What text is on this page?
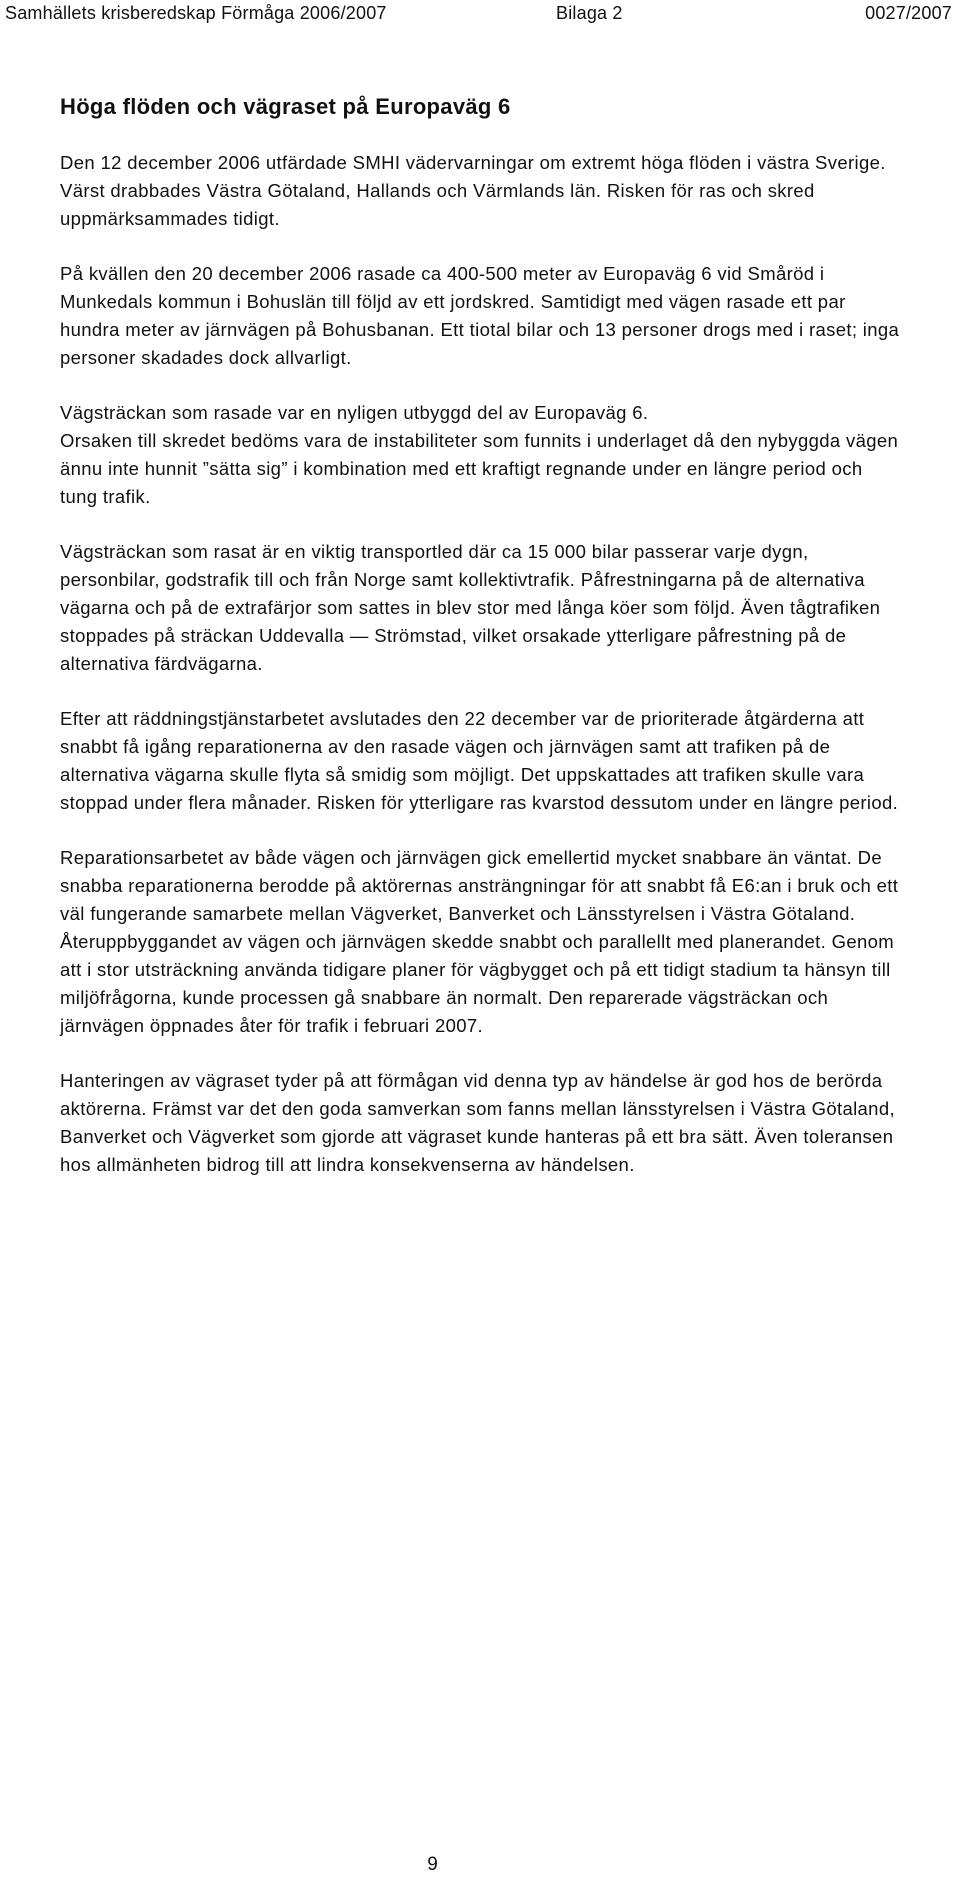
Samhällets krisberedskap Förmåga 2006/2007	Bilaga 2	0027/2007
Höga flöden och vägraset på Europaväg 6

Den 12 december 2006 utfärdade SMHI vädervarningar om extremt höga flöden i västra Sverige. Värst drabbades Västra Götaland, Hallands och Värmlands län. Risken för ras och skred uppmärksammades tidigt.

På kvällen den 20 december 2006 rasade ca 400-500 meter av Europaväg 6 vid Småröd i Munkedals kommun i Bohuslän till följd av ett jordskred. Samtidigt med vägen rasade ett par hundra meter av järnvägen på Bohusbanan. Ett tiotal bilar och 13 personer drogs med i raset; inga personer skadades dock allvarligt.

Vägsträckan som rasade var en nyligen utbyggd del av Europaväg 6.

Orsaken till skredet bedöms vara de instabiliteter som funnits i underlaget då den nybyggda vägen ännu inte hunnit ”sätta sig” i kombination med ett kraftigt regnande under en längre period och tung trafik.

Vägsträckan som rasat är en viktig transportled där ca 15 000 bilar passerar varje dygn, personbilar, godstrafik till och från Norge samt kollektivtrafik. Påfrestningarna på de alternativa vägarna och på de extrafärjor som sattes in blev stor med långa köer som följd. Även tågtrafiken stoppades på sträckan Uddevalla — Strömstad, vilket orsakade ytterligare påfrestning på de alternativa färdvägarna.

Efter att räddningstjänstarbetet avslutades den 22 december var de prioriterade åtgärderna att snabbt få igång reparationerna av den rasade vägen och järnvägen samt att trafiken på de alternativa vägarna skulle flyta så smidig som möjligt. Det uppskattades att trafiken skulle vara stoppad under flera månader. Risken för ytterligare ras kvarstod dessutom under en längre period.

Reparationsarbetet av både vägen och järnvägen gick emellertid mycket snabbare än väntat. De snabba reparationerna berodde på aktörernas ansträngningar för att snabbt få E6:an i bruk och ett väl fungerande samarbete mellan Vägverket, Banverket och Länsstyrelsen i Västra Götaland. Återuppbyggandet av vägen och järnvägen skedde snabbt och parallellt med planerandet. Genom att i stor utsträckning använda tidigare planer för vägbygget och på ett tidigt stadium ta hänsyn till miljöfrågorna, kunde processen gå snabbare än normalt. Den reparerade vägsträckan och järnvägen öppnades åter för trafik i februari 2007.

Hanteringen av vägraset tyder på att förmågan vid denna typ av händelse är god hos de berörda aktörerna. Främst var det den goda samverkan som fanns mellan länsstyrelsen i Västra Götaland, Banverket och Vägverket som gjorde att vägraset kunde hanteras på ett bra sätt. Även toleransen hos allmänheten bidrog till att lindra konsekvenserna av händelsen.

9
